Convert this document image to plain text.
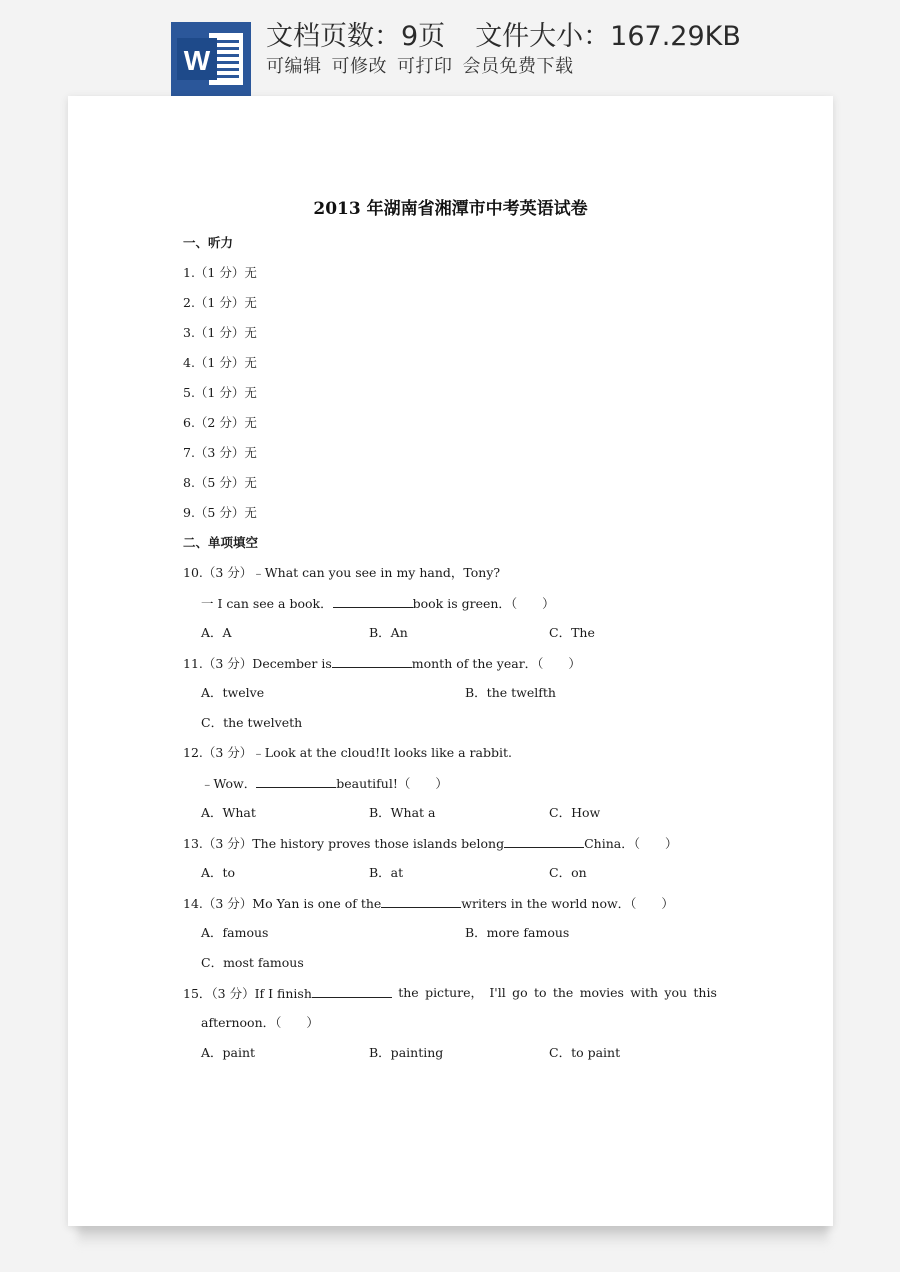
W
文档页数：9页 文件大小：167.29KB
可编辑 可修改 可打印 会员免费下载
2013 年湖南省湘潭市中考英语试卷
一、听力
1.（1 分）无
2.（1 分）无
3.（1 分）无
4.（1 分）无
5.（1 分）无
6.（2 分）无
7.（3 分）无
8.（5 分）无
9.（5 分）无
二、单项填空
10.（3 分）﹣What can you see in my hand，Tony?
一 I can see a book．	book is green．（　　）
A．A	B．An	C．The
11.（3 分）December is	month of the year．（　　）
A．twelve	B．the twelfth
C．the twelveth
12.（3 分）﹣Look at the cloud!It looks like a rabbit.
﹣Wow．	beautiful!（　　）
A．What	B．What a	C．How
13.（3 分）The history proves those islands belong	China．（　　）
A．to	B．at	C．on
14.（3 分）Mo Yan is one of the	writers in the world now．（　　）
A．famous	B．more famous
C．most famous
15．（3 分）If I finish	the picture， I'll go to the movies with you this
afternoon．（　　）
A．paint	B．painting	C．to paint
